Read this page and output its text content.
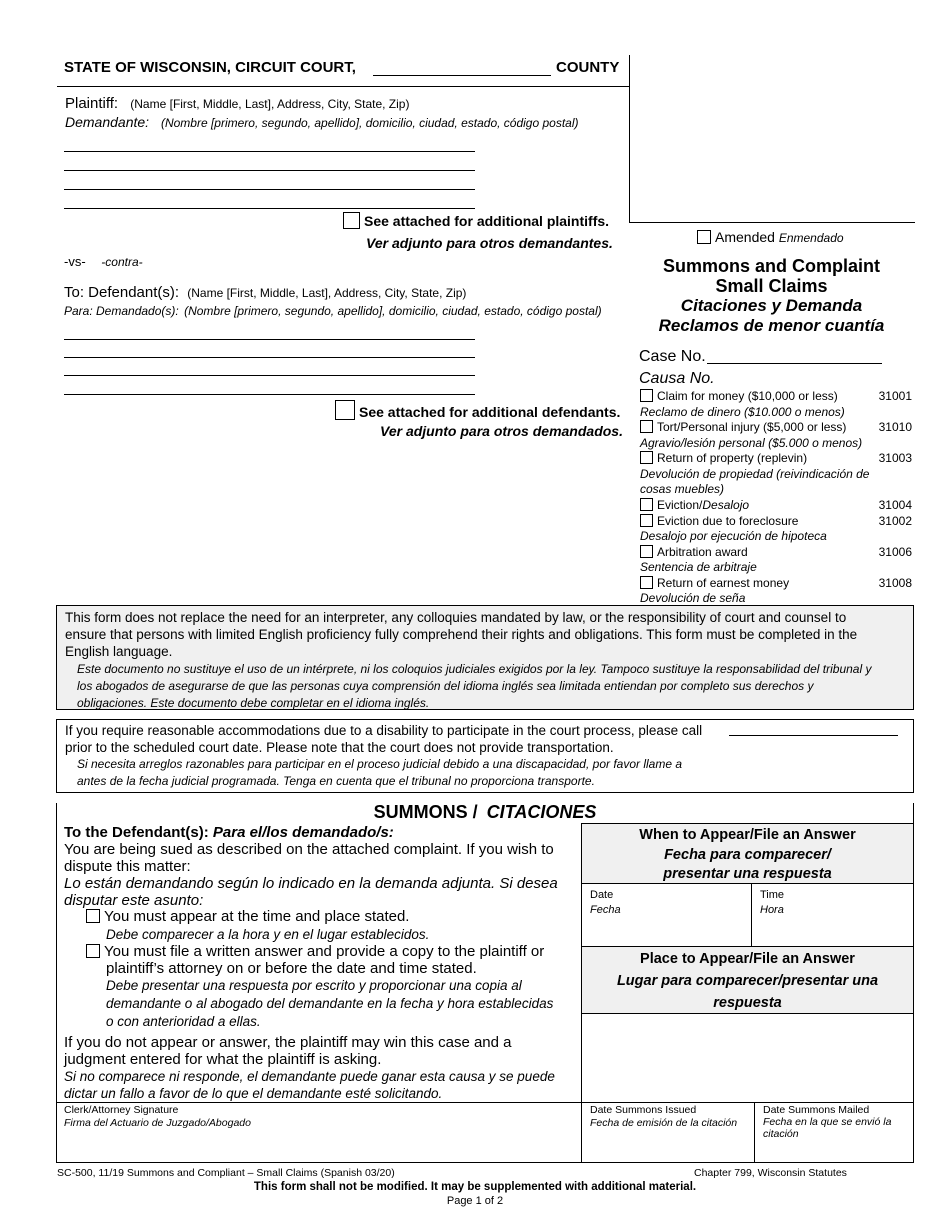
STATE OF WISCONSIN, CIRCUIT COURT,	COUNTY
Plaintiff: (Name [First, Middle, Last], Address, City, State, Zip)
Demandante: (Nombre [primero, segundo, apellido], domicilio, ciudad, estado, código postal)
See attached for additional plaintiffs.
Ver adjunto para otros demandantes.
-vs- -contra-
To: Defendant(s): (Name [First, Middle, Last], Address, City, State, Zip)
Para: Demandado(s): (Nombre [primero, segundo, apellido], domicilio, ciudad, estado, código postal)
See attached for additional defendants.
Ver adjunto para otros demandados.
Amended Enmendado
Summons and Complaint
Small Claims
Citaciones y Demanda
Reclamos de menor cuantía
Case No.
Causa No.
Claim for money ($10,000 or less)	31001
Reclamo de dinero ($10.000 o menos)
Tort/Personal injury ($5,000 or less)	31010
Agravio/lesión personal ($5.000 o menos)
Return of property (replevin)	31003
Devolución de propiedad (reivindicación de
cosas muebles)
Eviction/Desalojo	31004
Eviction due to foreclosure	31002
Desalojo por ejecución de hipoteca
Arbitration award	31006
Sentencia de arbitraje
Return of earnest money	31008
Devolución de seña
This form does not replace the need for an interpreter, any colloquies mandated by law, or the responsibility of court and counsel to
ensure that persons with limited English proficiency fully comprehend their rights and obligations. This form must be completed in the
English language.
Este documento no sustituye el uso de un intérprete, ni los coloquios judiciales exigidos por la ley. Tampoco sustituye la responsabilidad del tribunal y
los abogados de asegurarse de que las personas cuya comprensión del idioma inglés sea limitada entiendan por completo sus derechos y
obligaciones. Este documento debe completar en el idioma inglés.
If you require reasonable accommodations due to a disability to participate in the court process, please call
prior to the scheduled court date. Please note that the court does not provide transportation.
Si necesita arreglos razonables para participar en el proceso judicial debido a una discapacidad, por favor llame a
antes de la fecha judicial programada. Tenga en cuenta que el tribunal no proporciona transporte.
SUMMONS / CITACIONES
To the Defendant(s): Para el/los demandado/s:
You are being sued as described on the attached complaint. If you wish to
dispute this matter:
Lo están demandando según lo indicado en la demanda adjunta. Si desea
disputar este asunto:
You must appear at the time and place stated.
Debe comparecer a la hora y en el lugar establecidos.
You must file a written answer and provide a copy to the plaintiff or
plaintiff’s attorney on or before the date and time stated.
Debe presentar una respuesta por escrito y proporcionar una copia al
demandante o al abogado del demandante en la fecha y hora establecidas
o con anterioridad a ellas.
If you do not appear or answer, the plaintiff may win this case and a
judgment entered for what the plaintiff is asking.
Si no comparece ni responde, el demandante puede ganar esta causa y se puede
dictar un fallo a favor de lo que el demandante esté solicitando.
When to Appear/File an Answer
Fecha para comparecer/
presentar una respuesta
Date
Fecha
Time
Hora
Place to Appear/File an Answer
Lugar para comparecer/presentar una
respuesta
Clerk/Attorney Signature
Firma del Actuario de Juzgado/Abogado
Date Summons Issued
Fecha de emisión de la citación
Date Summons Mailed
Fecha en la que se envió la
citación
SC-500, 11/19 Summons and Compliant – Small Claims (Spanish 03/20)	Chapter 799, Wisconsin Statutes
This form shall not be modified. It may be supplemented with additional material.
Page 1 of 2
